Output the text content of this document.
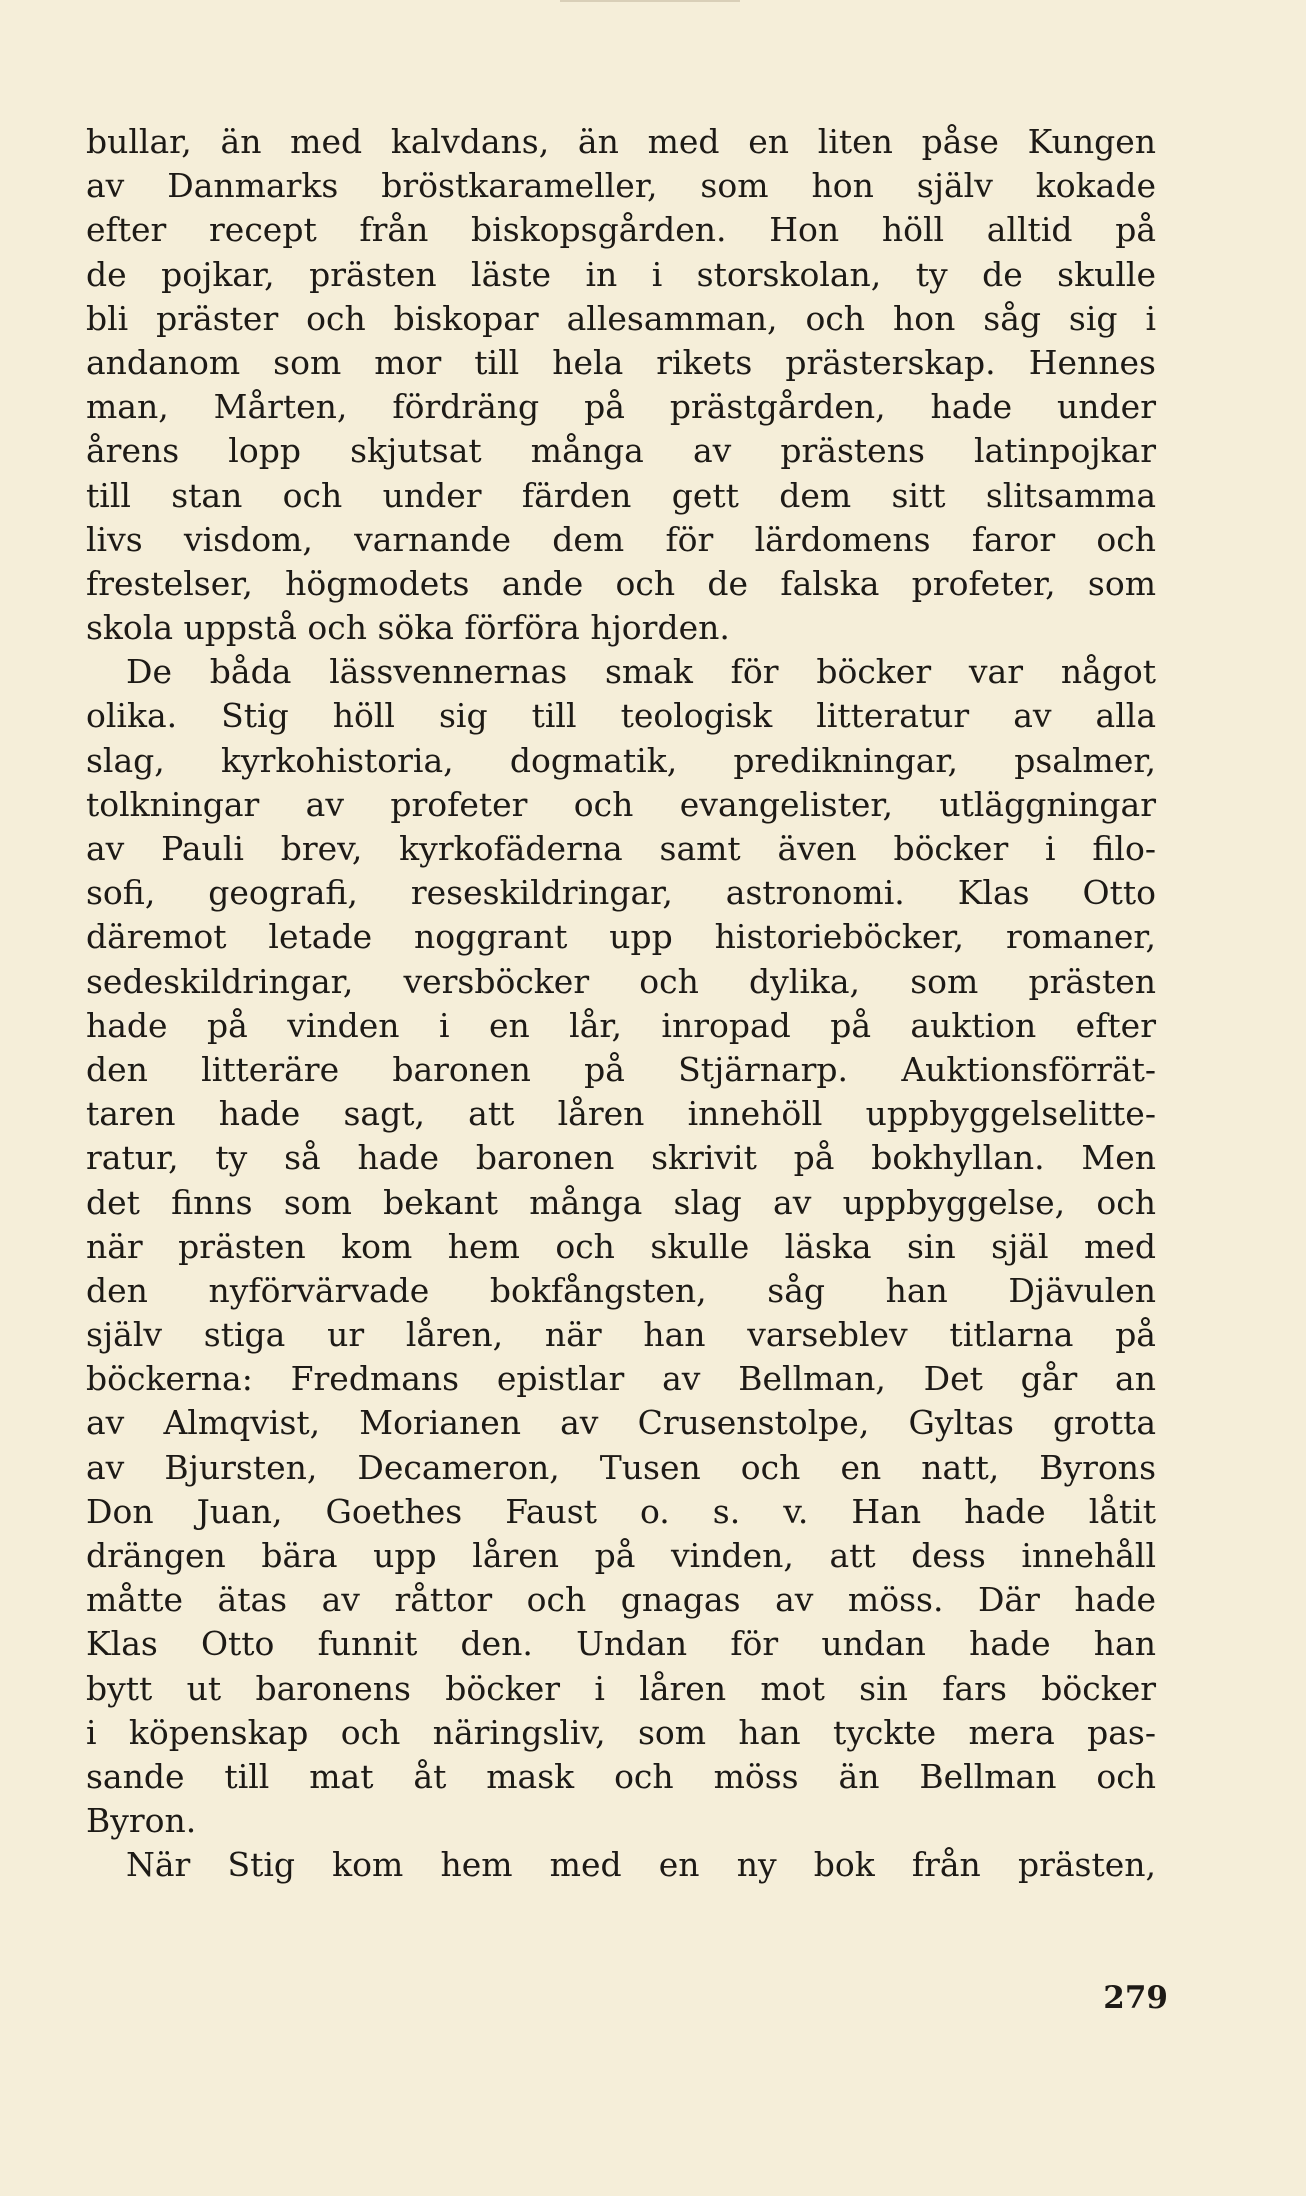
bullar, än med kalvdans, än med en liten påse Kungen
av Danmarks bröstkarameller, som hon själv kokade
efter recept från biskopsgården. Hon höll alltid på
de pojkar, prästen läste in i storskolan, ty de skulle
bli präster och biskopar allesamman, och hon såg sig i
andanom som mor till hela rikets prästerskap. Hennes
man, Mårten, fördräng på prästgården, hade under
årens lopp skjutsat många av prästens latinpojkar
till stan och under färden gett dem sitt slitsamma
livs visdom, varnande dem för lärdomens faror och
frestelser, högmodets ande och de falska profeter, som
skola uppstå och söka förföra hjorden.
De båda lässvennernas smak för böcker var något
olika. Stig höll sig till teologisk litteratur av alla
slag, kyrkohistoria, dogmatik, predikningar, psalmer,
tolkningar av profeter och evangelister, utläggningar
av Pauli brev, kyrkofäderna samt även böcker i filo-
sofi, geografi, reseskildringar, astronomi. Klas Otto
däremot letade noggrant upp historieböcker, romaner,
sedeskildringar, versböcker och dylika, som prästen
hade på vinden i en lår, inropad på auktion efter
den litteräre baronen på Stjärnarp. Auktionsförrät-
taren hade sagt, att låren innehöll uppbyggelselitte-
ratur, ty så hade baronen skrivit på bokhyllan. Men
det finns som bekant många slag av uppbyggelse, och
när prästen kom hem och skulle läska sin själ med
den nyförvärvade bokfångsten, såg han Djävulen
själv stiga ur låren, när han varseblev titlarna på
böckerna: Fredmans epistlar av Bellman, Det går an
av Almqvist, Morianen av Crusenstolpe, Gyltas grotta
av Bjursten, Decameron, Tusen och en natt, Byrons
Don Juan, Goethes Faust o. s. v. Han hade låtit
drängen bära upp låren på vinden, att dess innehåll
måtte ätas av råttor och gnagas av möss. Där hade
Klas Otto funnit den. Undan för undan hade han
bytt ut baronens böcker i låren mot sin fars böcker
i köpenskap och näringsliv, som han tyckte mera pas-
sande till mat åt mask och möss än Bellman och
Byron.
När Stig kom hem med en ny bok från prästen,
279
